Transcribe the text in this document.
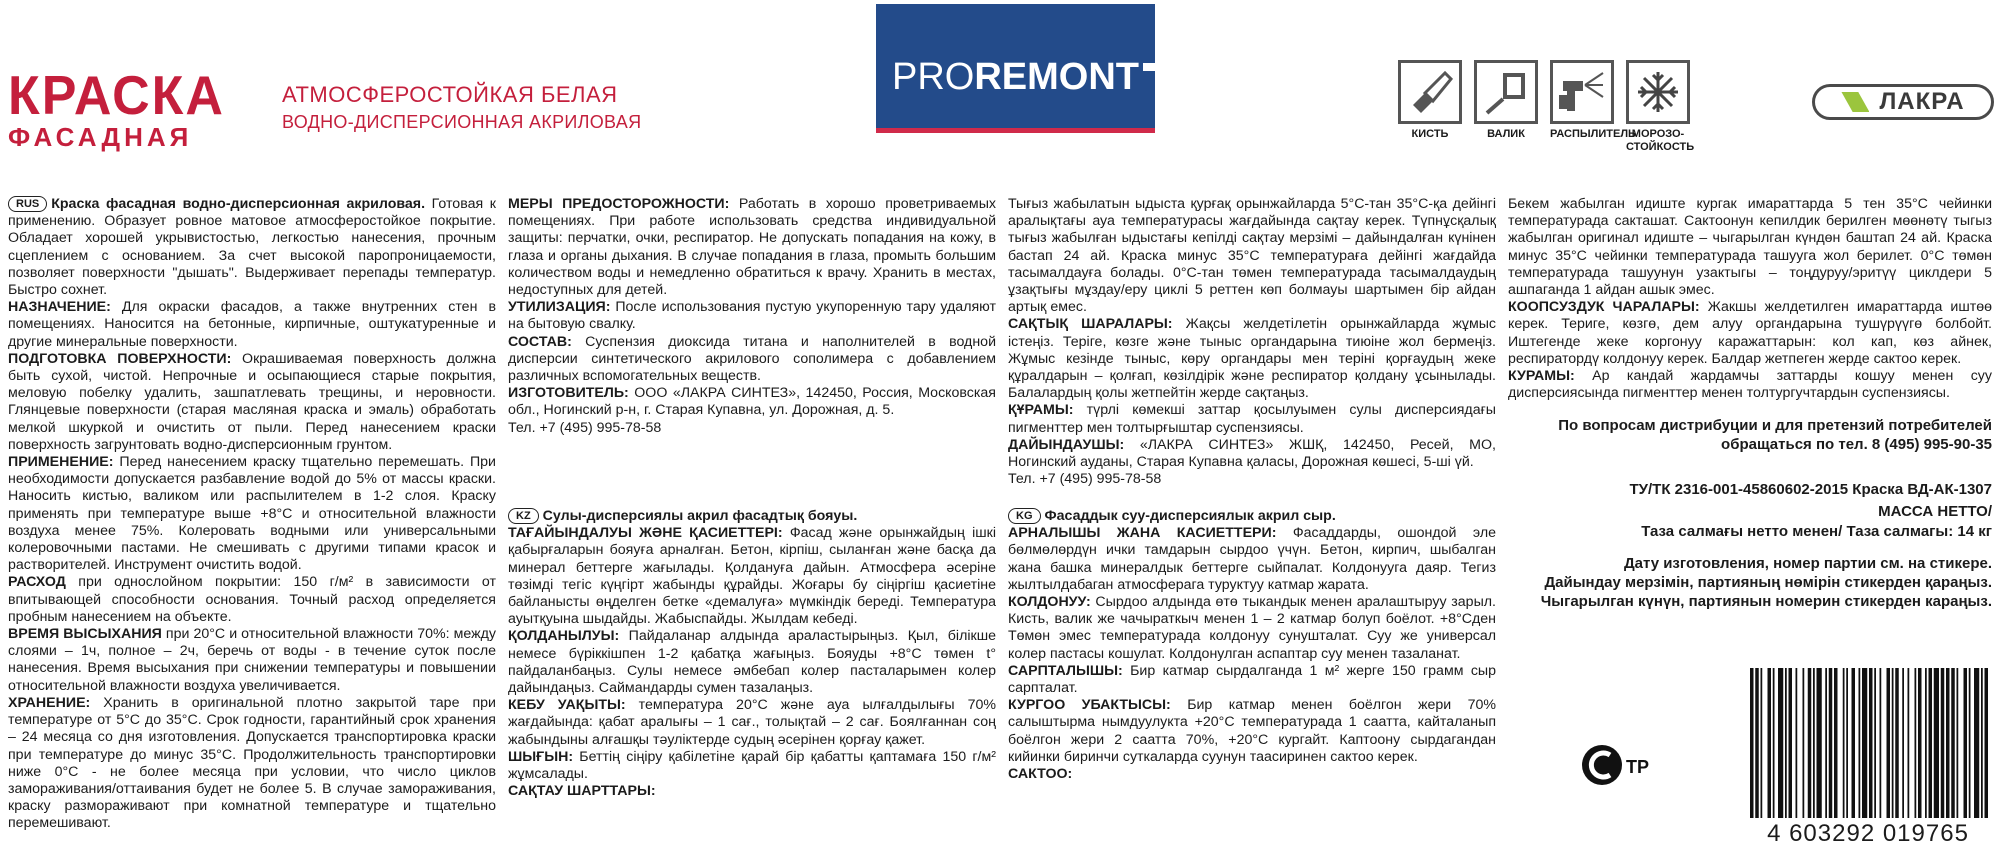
КРАСКА
ФАСАДНАЯ
АТМОСФЕРОСТОЙКАЯ БЕЛАЯ
ВОДНО-ДИСПЕРСИОННАЯ АКРИЛОВАЯ
PROREMONT
КИСТЬ	ВАЛИК	РАСПЫЛИТЕЛЬ
МОРОЗО-СТОЙКОСТЬ
ЛАКРА

RUS Краска фасадная водно-дисперсионная акриловая. Готовая к применению. Образует ровное матовое атмосферостойкое покрытие. Обладает хорошей укрывистостью, легкостью нанесения, прочным сцеплением с основанием. За счет высокой паропроницаемости, позволяет поверхности "дышать". Выдерживает перепады температур. Быстро сохнет.

НАЗНАЧЕНИЕ: Для окраски фасадов, а также внутренних стен в помещениях. Наносится на бетонные, кирпичные, оштукатуренные и другие минеральные поверхности.

ПОДГОТОВКА ПОВЕРХНОСТИ: Окрашиваемая поверхность должна быть сухой, чистой. Непрочные и осыпающиеся старые покрытия, меловую побелку удалить, зашпатлевать трещины, и неровности. Глянцевые поверхности (старая масляная краска и эмаль) обработать мелкой шкуркой и очистить от пыли. Перед нанесением краски поверхность загрунтовать водно-дисперсионным грунтом.

ПРИМЕНЕНИЕ: Перед нанесением краску тщательно перемешать. При необходимости допускается разбавление водой до 5% от массы краски. Наносить кистью, валиком или распылителем в 1-2 слоя. Краску применять при температуре выше +8°С и относительной влажности воздуха менее 75%. Колеровать водными или универсальными колеровочными пастами. Не смешивать с другими типами красок и растворителей. Инструмент очистить водой.

РАСХОД при однослойном покрытии: 150 г/м² в зависимости от впитывающей способности основания. Точный расход определяется пробным нанесением на объекте.

ВРЕМЯ ВЫСЫХАНИЯ при 20°С и относительной влажности 70%: между слоями – 1ч, полное – 2ч, беречь от воды - в течение суток после нанесения. Время высыхания при снижении температуры и повышении относительной влажности воздуха увеличивается.

ХРАНЕНИЕ: Хранить в оригинальной плотно закрытой таре при температуре от 5°С до 35°С. Срок годности, гарантийный срок хранения – 24 месяца со дня изготовления. Допускается транспортировка краски при температуре до минус 35°С. Продолжительность транспортировки ниже 0°С - не более месяца при условии, что число циклов замораживания/оттаивания будет не более 5. В случае замораживания, краску размораживают при комнатной температуре и тщательно перемешивают.

МЕРЫ ПРЕДОСТОРОЖНОСТИ: Работать в хорошо проветриваемых помещениях. При работе использовать средства индивидуальной защиты: перчатки, очки, респиратор. Не допускать попадания на кожу, в глаза и органы дыхания. В случае попадания в глаза, промыть большим количеством воды и немедленно обратиться к врачу. Хранить в местах, недоступных для детей.

УТИЛИЗАЦИЯ: После использования пустую укупоренную тару удаляют на бытовую свалку.

СОСТАВ: Суспензия диоксида титана и наполнителей в водной дисперсии синтетического акрилового сополимера с добавлением различных вспомогательных веществ.

ИЗГОТОВИТЕЛЬ: ООО «ЛАКРА СИНТЕЗ», 142450, Россия, Московская обл., Ногинский р-н, г. Старая Купавна, ул. Дорожная, д. 5.

Тел. +7 (495) 995-78-58

KZ Сулы-дисперсиялы акрил фасадтық бояуы.

ТАҒАЙЫНДАЛУЫ ЖӘНЕ ҚАСИЕТТЕРІ: Фасад және орынжайдың ішкі қабырғаларын бояуға арналған. Бетон, кірпіш, сыланған және басқа да минерал беттерге жағылады. Қолдануға дайын. Атмосфера әсеріне төзімді тегіс күңгірт жабынды құрайды. Жоғары бу сіңіргіш қасиетіне байланысты өңделген бетке «демалуға» мүмкіндік береді. Температура ауытқуына шыдайды. Жабыспайды. Жылдам кебеді.

ҚОЛДАНЫЛУЫ: Пайдаланар алдында араластырыңыз. Қыл, білікше немесе бүріккішпен 1-2 қабатқа жағыңыз. Бояуды +8°С төмен t° пайдаланбаңыз. Сулы немесе әмбебап колер пасталарымен колер дайындаңыз. Саймандарды сумен тазалаңыз.

КЕБУ УАҚЫТЫ: температура 20°С және ауа ылғалдылығы 70% жағдайында: қабат аралығы – 1 сағ., толықтай – 2 сағ. Боялғаннан соң жабындыны алғашқы тәуліктерде судың әсерінен қорғау қажет.

ШЫҒЫН: Беттің сіңіру қабілетіне қарай бір қабатты қаптамаға 150 г/м² жұмсалады.

САҚТАУ ШАРТТАРЫ:

Тығыз жабылатын ыдыста қурғақ орынжайларда 5°С-тан 35°С-қа дейінгі аралықтағы ауа температурасы жағдайында сақтау керек. Түпнұсқалық тығыз жабылған ыдыстағы кепілді сақтау мерзімі – дайындалған күнінен бастап 24 ай. Краска минус 35°С температураға дейінгі жағдайда тасымалдауға болады. 0°С-тан төмен температурада тасымалдаудың ұзақтығы мұздау/еру циклі 5 реттен көп болмауы шартымен бір айдан артық емес.

САҚТЫҚ ШАРАЛАРЫ: Жақсы желдетілетін орынжайларда жұмыс істеңіз. Теріге, көзге және тыныс органдарына тиюіне жол бермеңіз. Жұмыс кезінде тыныс, көру органдары мен теріні қорғаудың жеке құралдарын – қолғап, көзілдірік және респиратор қолдану ұсынылады. Балалардың қолы жетпейтін жерде сақтаңыз.

ҚҰРАМЫ: түрлі көмекші заттар қосылуымен сулы дисперсиядағы пигменттер мен толтырғыштар суспензиясы.

ДАЙЫНДАУШЫ: «ЛАКРА СИНТЕЗ» ЖШҚ, 142450, Ресей, МО, Ногинский ауданы, Старая Купавна қаласы, Дорожная көшесі, 5-ші үй.

Тел. +7 (495) 995-78-58

KG Фасаддык суу-дисперсиялык акрил сыр.

АРНАЛЫШЫ ЖАНА КАСИЕТТЕРИ: Фасаддарды, ошондой эле бөлмөлөрдүн ички тамдарын сырдоо үчүн. Бетон, кирпич, шыбалган жана башка минералдык беттерге сыйпалат. Колдонууга даяр. Тегиз жылтылдабаган атмосферага туруктуу катмар жарата.

КОЛДОНУУ: Сырдоо алдында өтө тыкандык менен аралаштыруу зарыл. Кисть, валик же чачыраткыч менен 1 – 2 катмар болуп боёлот. +8°Сден Төмөн эмес температурада колдонуу сунушталат. Суу же универсал колер пастасы кошулат. Колдонулган аспаптар суу менен тазаланат.

САРПТАЛЫШЫ: Бир катмар сырдалганда 1 м² жерге 150 грамм сыр сарпталат.

КУРГОО УБАКТЫСЫ: Бир катмар менен боёлгон жери 70% салыштырма нымдуулукта +20°С температурада 1 саатта, кайталанып боёлгон жери 2 саатта 70%, +20°С кургайт. Каптоону сырдагандан кийинки биринчи суткаларда суунун таасиринен сактоо керек.

САКТОО:

Бекем жабылган идиште кургак имараттарда 5 тен 35°С чейинки температурада сакташат. Сактоонун кепилдик берилген мөөнөтү тыгыз жабылган оригинал идиште – чыгарылган күндөн баштап 24 ай. Краска минус 35°С чейинки температурада ташууга жол берилет. 0°С төмөн температурада ташуунун узактыгы – тоңдуруу/эритүү циклдери 5 ашпаганда 1 айдан ашык эмес.

КООПСУЗДУК ЧАРАЛАРЫ: Жакшы желдетилген имараттарда иштөө керек. Териге, көзгө, дем алуу органдарына тушүрүүгө болбойт. Иштегенде жеке коргонуу каражаттарын: кол кап, көз айнек, респиратордү колдонуу керек. Балдар жетпеген жерде сактоо керек.

КУРАМЫ: Ар кандай жардамчы заттарды кошуу менен суу дисперсиясында пигменттер менен толтургучтардын суспензиясы.

По вопросам дистрибуции и для претензий потребителей
обращаться по тел. 8 (495) 995-90-35
ТУ/ТК 2316-001-45860602-2015 Краска ВД-АК-1307
МАССА НЕТТО/
Таза салмағы нетто менен/ Таза салмагы: 14 кг
Дату изготовления, номер партии см. на стикере.
Дайындау мерзімін, партияның нөмірін стикерден қараңыз.
Чыгарылган күнүн, партиянын номерин стикерден караңыз.
ТР
4 603292 019765
